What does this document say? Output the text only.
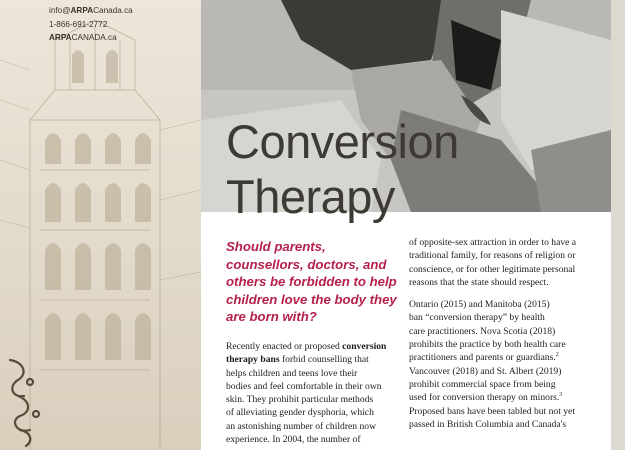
info@ARPACanada.ca
1-866-691-2772
ARPACANADA.ca
Conversion
Therapy
Should parents,
counsellors, doctors, and
others be forbidden to help
children love the body they
are born with?
Recently enacted or proposed conversion
therapy bans forbid counselling that
helps children and teens love their
bodies and feel comfortable in their own
skin. They prohibit particular methods
of alleviating gender dysphoria, which
an astonishing number of children now
experience. In 2004, the number of
of opposite-sex attraction in order to have a
traditional family, for reasons of religion or
conscience, or for other legitimate personal
reasons that the state should respect.
Ontario (2015) and Manitoba (2015)
ban “conversion therapy” by health
care practitioners. Nova Scotia (2018)
prohibits the practice by both health care
practitioners and parents or guardians.$^2$
Vancouver (2018) and St. Albert (2019)
prohibit commercial space from being
used for conversion therapy on minors.$^3$
Proposed bans have been tabled but not yet
passed in British Columbia and Canada's
